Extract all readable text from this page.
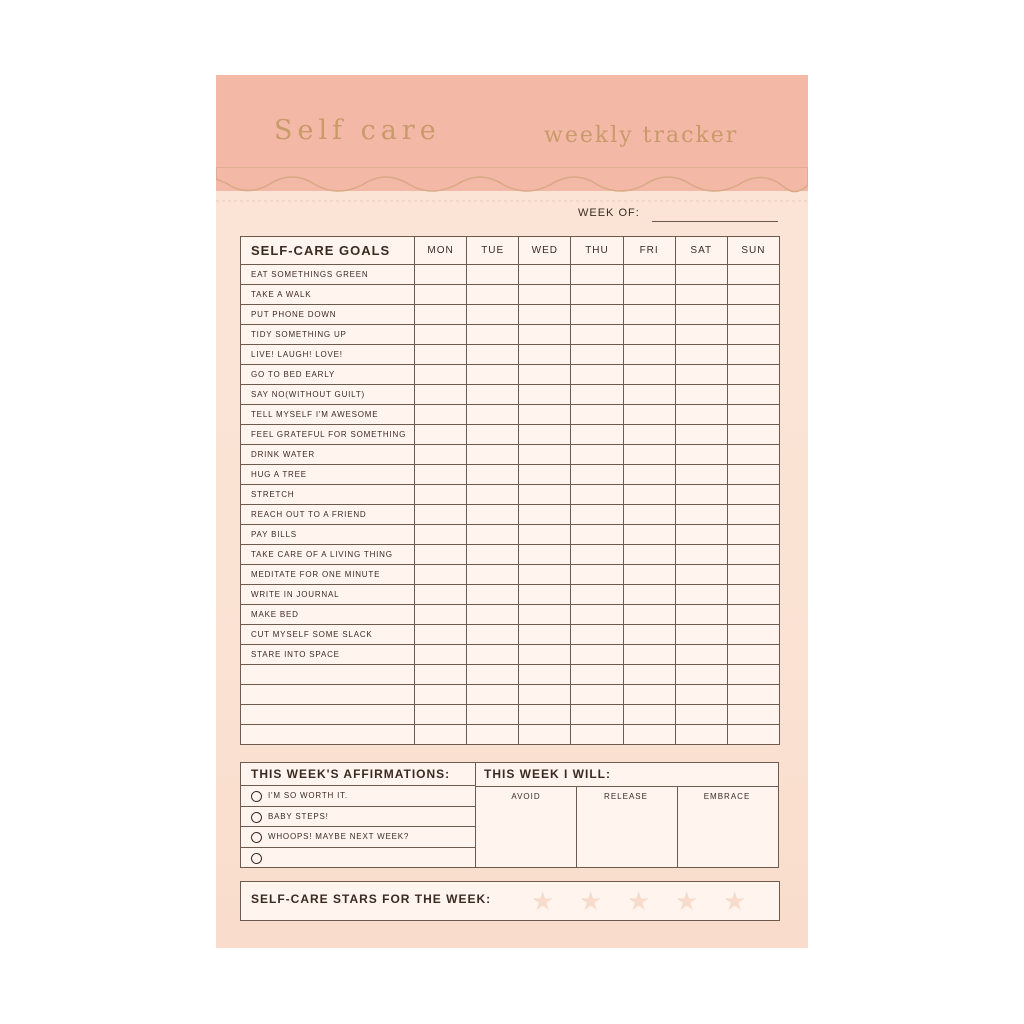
Self care	weekly tracker
WEEK OF:
SELF-CARE GOALS	MON	TUE	WED	THU	FRI	SAT	SUN
EAT SOMETHINGS GREEN							
TAKE A WALK							
PUT PHONE DOWN							
TIDY SOMETHING UP							
LIVE! LAUGH! LOVE!							
GO TO BED EARLY							
SAY NO(WITHOUT GUILT)							
TELL MYSELF I'M AWESOME							
FEEL GRATEFUL FOR SOMETHING							
DRINK WATER							
HUG A TREE							
STRETCH							
REACH OUT TO A FRIEND							
PAY BILLS							
TAKE CARE OF A LIVING THING							
MEDITATE FOR ONE MINUTE							
WRITE IN JOURNAL							
MAKE BED							
CUT MYSELF SOME SLACK							
STARE INTO SPACE							

THIS WEEK'S AFFIRMATIONS:
I'M SO WORTH IT.
BABY STEPS!
WHOOPS! MAYBE NEXT WEEK?
THIS WEEK I WILL:
AVOID	RELEASE	EMBRACE
SELF-CARE STARS FOR THE WEEK: ★ ★ ★ ★ ★
